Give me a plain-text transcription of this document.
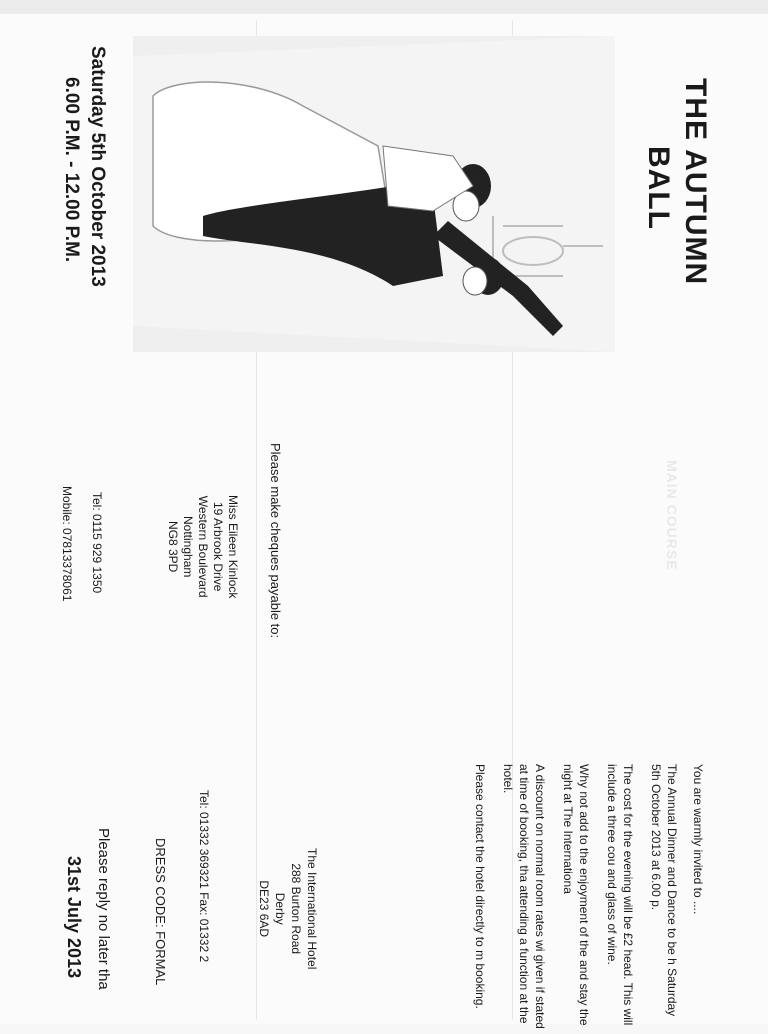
THE AUTUMN
BALL
Saturday 5th October 2013
6.00 P.M. - 12.00 P.M.
MAIN COURSE
Please make cheques payable to:
Miss Eileen Kinlock
19 Arbrook Drive
Western Boulevard
Nottingham
NG8 3PD
Tel: 0115 929 1350
Mobile: 07813378061
You are warmly invited to ....

The Annual Dinner and Dance to be h Saturday 5th October 2013 at 6.00 p.

The cost for the evening will be £2 head. This will include a three cou and glass of wine.

Why not add to the enjoyment of the and stay the night at The Internationa

A discount on normal room rates wi given if stated at time of booking, tha attending a function at the hotel.

Please contact the hotel directly to m booking.

The International Hotel
288 Burton Road
Derby
DE23 6AD
Tel: 01332 369321 Fax: 01332 2
DRESS CODE: FORMAL
Please reply no later tha
31st July 2013
